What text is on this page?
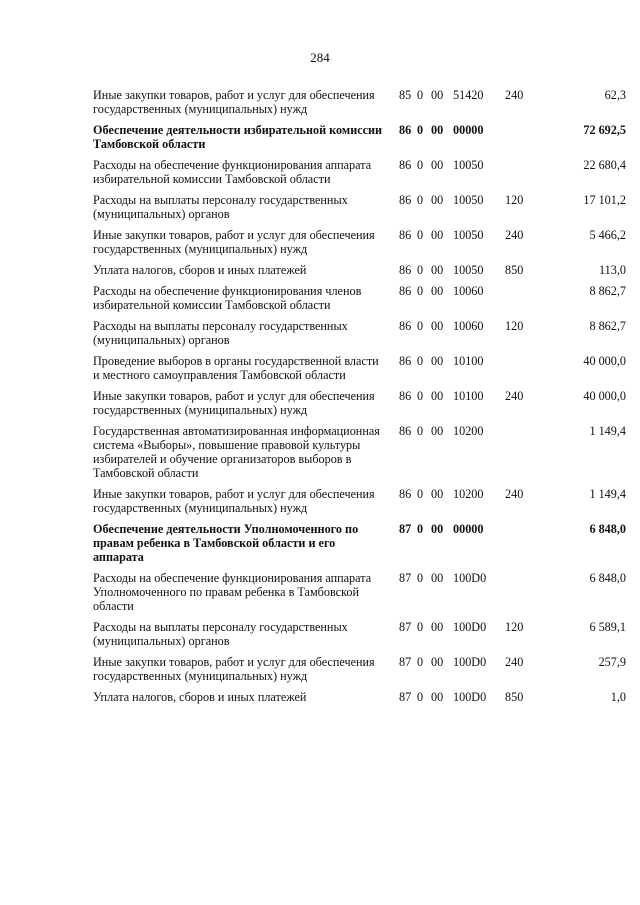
284
Иные закупки товаров, работ и услуг для обеспечения государственных (муниципальных) нужд	85 0 00 51420	240	62,3
Обеспечение деятельности избирательной комиссии Тамбовской области	86 0 00 00000		72 692,5
Расходы на обеспечение функционирования аппарата избирательной комиссии Тамбовской области	86 0 00 10050		22 680,4
Расходы на выплаты персоналу государственных (муниципальных) органов	86 0 00 10050	120	17 101,2
Иные закупки товаров, работ и услуг для обеспечения государственных (муниципальных) нужд	86 0 00 10050	240	5 466,2
Уплата налогов, сборов и иных платежей	86 0 00 10050	850	113,0
Расходы на обеспечение функционирования членов избирательной комиссии Тамбовской области	86 0 00 10060		8 862,7
Расходы на выплаты персоналу государственных (муниципальных) органов	86 0 00 10060	120	8 862,7
Проведение выборов в органы государственной власти и местного самоуправления Тамбовской области	86 0 00 10100		40 000,0
Иные закупки товаров, работ и услуг для обеспечения государственных (муниципальных) нужд	86 0 00 10100	240	40 000,0
Государственная автоматизированная информационная система «Выборы», повышение правовой культуры избирателей и обучение организаторов выборов в Тамбовской области	86 0 00 10200		1 149,4
Иные закупки товаров, работ и услуг для обеспечения государственных (муниципальных) нужд	86 0 00 10200	240	1 149,4
Обеспечение деятельности Уполномоченного по правам ребенка в Тамбовской области и его аппарата	87 0 00 00000		6 848,0
Расходы на обеспечение функционирования аппарата Уполномоченного по правам ребенка в Тамбовской области	87 0 00 100D0		6 848,0
Расходы на выплаты персоналу государственных (муниципальных) органов	87 0 00 100D0	120	6 589,1
Иные закупки товаров, работ и услуг для обеспечения государственных (муниципальных) нужд	87 0 00 100D0	240	257,9
Уплата налогов, сборов и иных платежей	87 0 00 100D0	850	1,0
